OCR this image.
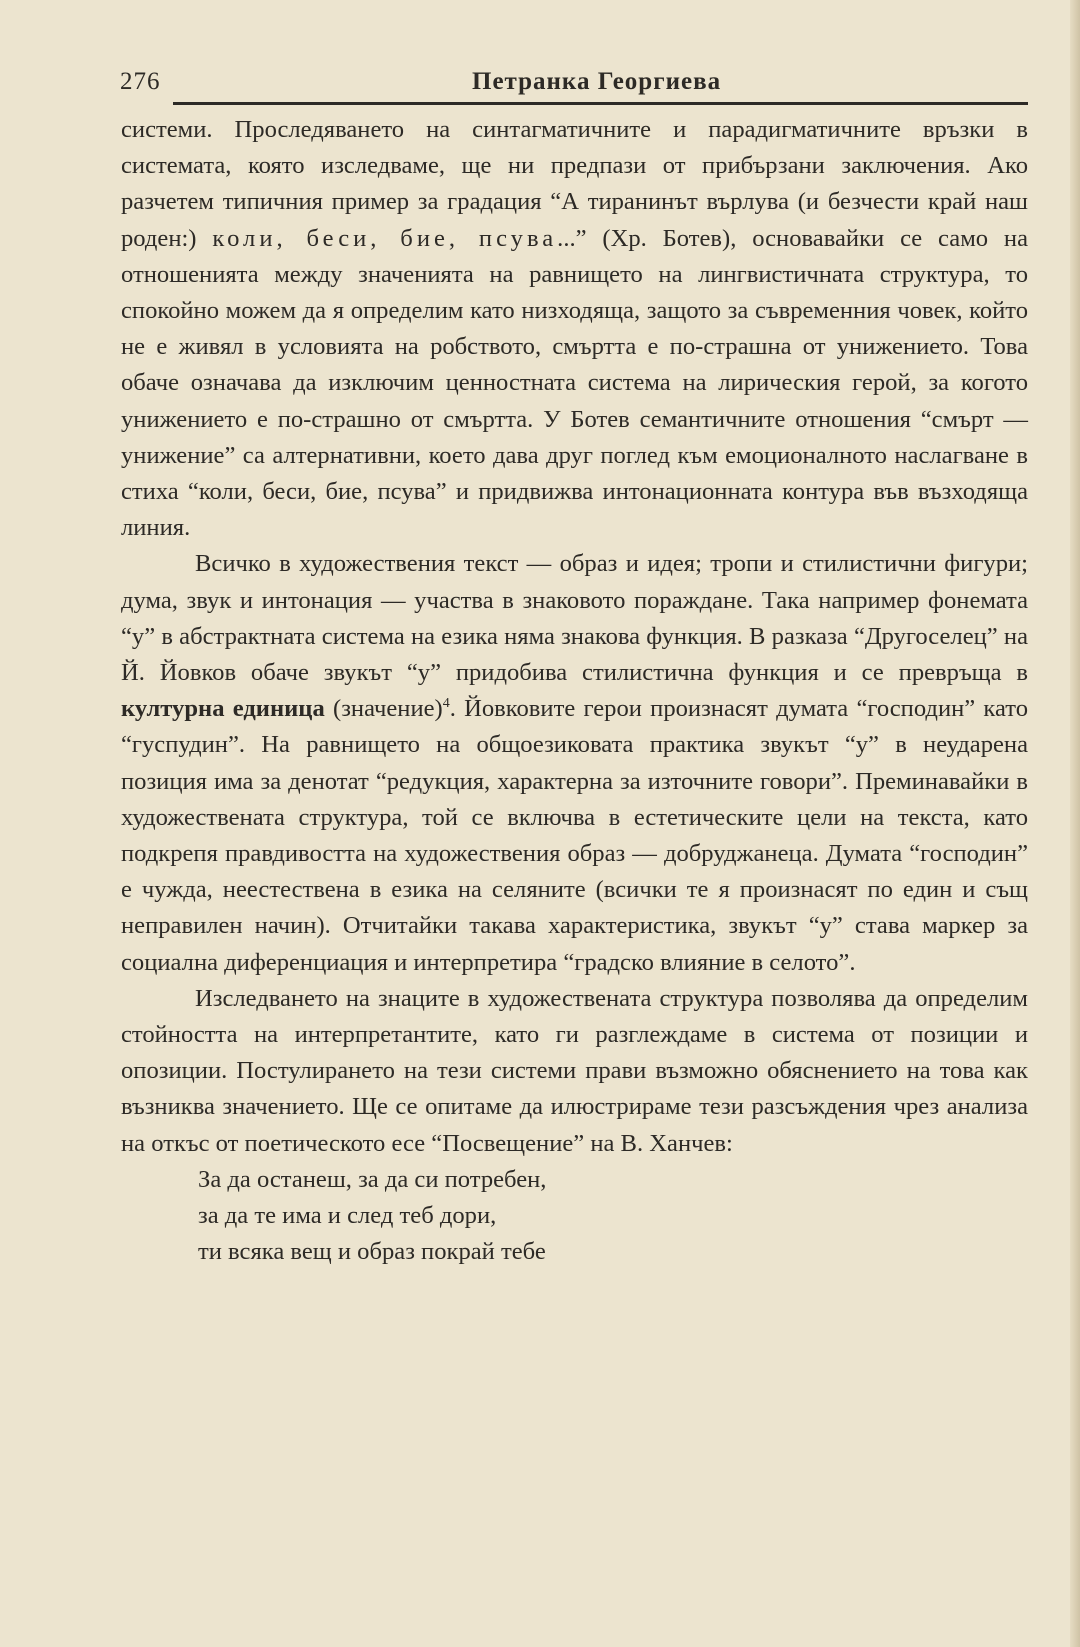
276	Петранка Георгиева

системи. Проследяването на синтагматичните и парадигматичните връзки в системата, която изследваме, ще ни предпази от прибързани заключения. Ако разчетем типичния пример за градация “А тиранинът върлува (и безчести край наш роден:) коли, беси, бие, псува...” (Хр. Ботев), основавайки се само на отношенията между значенията на равнището на лингвистичната структура, то спокойно можем да я определим като низходяща, защото за съвременния човек, който не е живял в условията на робството, смъртта е по-страшна от унижението. Това обаче означава да изключим ценностната система на лирическия герой, за когото унижението е по-страшно от смъртта. У Ботев семантичните отношения “смърт — унижение” са алтернативни, което дава друг поглед към емоционалното наслагване в стиха “коли, беси, бие, псува” и придвижва интонационната контура във възходяща линия.

Всичко в художествения текст — образ и идея; тропи и стилистични фигури; дума, звук и интонация — участва в знаковото пораждане. Така например фонемата “у” в абстрактната система на езика няма знакова функция. В разказа “Другоселец” на Й. Йовков обаче звукът “у” придобива стилистична функция и се превръща в културна единица (значение)$^4$. Йовковите герои произнасят думата “господин” като “гуспудин”. На равнището на общоезиковата практика звукът “у” в неударена позиция има за денотат “редукция, характерна за източните говори”. Преминавайки в художествената структура, той се включва в естетическите цели на текста, като подкрепя правдивостта на художествения образ — добруджанеца. Думата “господин” е чужда, неестествена в езика на селяните (всички те я произнасят по един и същ неправилен начин). Отчитайки такава характеристика, звукът “у” става маркер за социална диференциация и интерпретира “градско влияние в селото”.

Изследването на знаците в художествената структура позволява да определим стойността на интерпретантите, като ги разглеждаме в система от позиции и опозиции. Постулирането на тези системи прави възможно обяснението на това как възниква значението. Ще се опитаме да илюстрираме тези разсъждения чрез анализа на откъс от поетическото есе “Посвещение” на В. Ханчев:

За да останеш, за да си потребен,
за да те има и след теб дори,
ти всяка вещ и образ покрай тебе
